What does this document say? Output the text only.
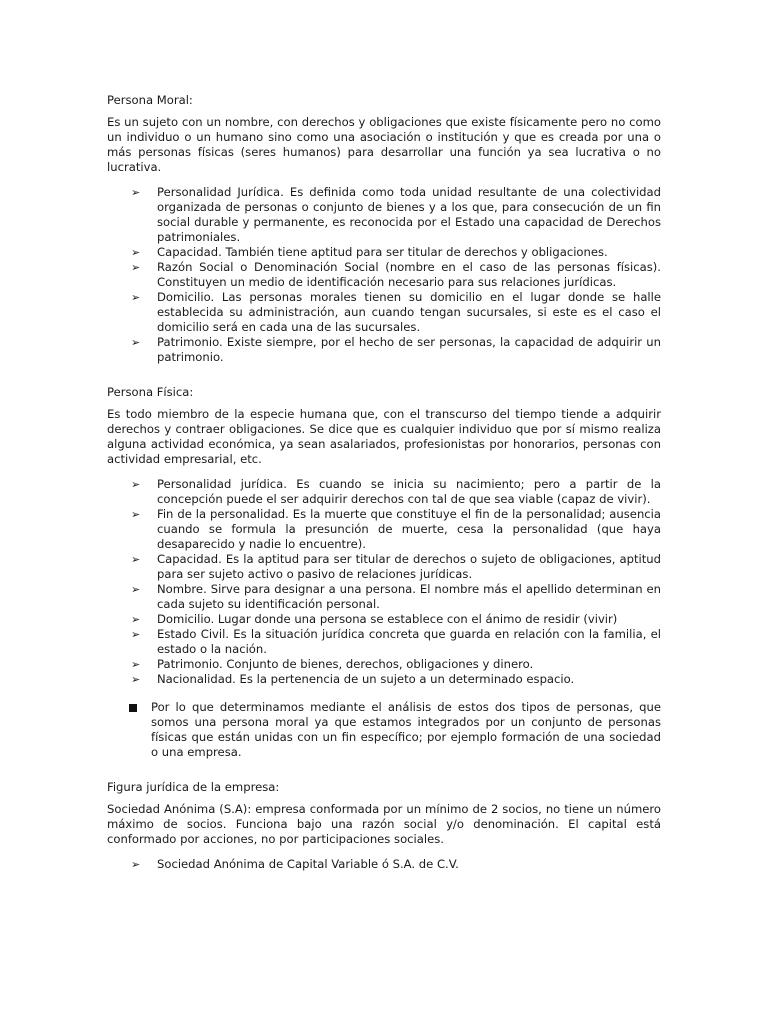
Persona Moral:

Es un sujeto con un nombre, con derechos y obligaciones que existe físicamente pero no como un individuo o un humano sino como una asociación o institución y que es creada por una o más personas físicas (seres humanos) para desarrollar una función ya sea lucrativa o no lucrativa.

➢ Personalidad Jurídica. Es definida como toda unidad resultante de una colectividad organizada de personas o conjunto de bienes y a los que, para consecución de un fin social durable y permanente, es reconocida por el Estado una capacidad de Derechos patrimoniales.
➢ Capacidad. También tiene aptitud para ser titular de derechos y obligaciones.
➢ Razón Social o Denominación Social (nombre en el caso de las personas físicas). Constituyen un medio de identificación necesario para sus relaciones jurídicas.
➢ Domicilio. Las personas morales tienen su domicilio en el lugar donde se halle establecida su administración, aun cuando tengan sucursales, si este es el caso el domicilio será en cada una de las sucursales.
➢ Patrimonio. Existe siempre, por el hecho de ser personas, la capacidad de adquirir un patrimonio.

Persona Física:

Es todo miembro de la especie humana que, con el transcurso del tiempo tiende a adquirir derechos y contraer obligaciones. Se dice que es cualquier individuo que por sí mismo realiza alguna actividad económica, ya sean asalariados, profesionistas por honorarios, personas con actividad empresarial, etc.

➢ Personalidad jurídica. Es cuando se inicia su nacimiento; pero a partir de la concepción puede el ser adquirir derechos con tal de que sea viable (capaz de vivir).
➢ Fin de la personalidad. Es la muerte que constituye el fin de la personalidad; ausencia cuando se formula la presunción de muerte, cesa la personalidad (que haya desaparecido y nadie lo encuentre).
➢ Capacidad. Es la aptitud para ser titular de derechos o sujeto de obligaciones, aptitud para ser sujeto activo o pasivo de relaciones jurídicas.
➢ Nombre. Sirve para designar a una persona. El nombre más el apellido determinan en cada sujeto su identificación personal.
➢ Domicilio. Lugar donde una persona se establece con el ánimo de residir (vivir)
➢ Estado Civil. Es la situación jurídica concreta que guarda en relación con la familia, el estado o la nación.
➢ Patrimonio. Conjunto de bienes, derechos, obligaciones y dinero.
➢ Nacionalidad. Es la pertenencia de un sujeto a un determinado espacio.
Por lo que determinamos mediante el análisis de estos dos tipos de personas, que somos una persona moral ya que estamos integrados por un conjunto de personas físicas que están unidas con un fin específico; por ejemplo formación de una sociedad o una empresa.

Figura jurídica de la empresa:

Sociedad Anónima (S.A): empresa conformada por un mínimo de 2 socios, no tiene un número máximo de socios. Funciona bajo una razón social y/o denominación. El capital está conformado por acciones, no por participaciones sociales.

➢ Sociedad Anónima de Capital Variable ó S.A. de C.V.
